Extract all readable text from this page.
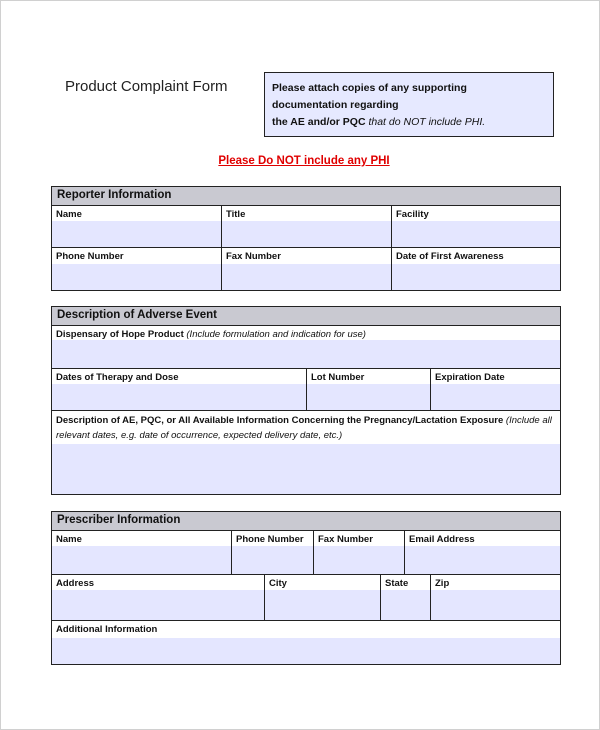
Product Complaint Form	Please attach copies of any supporting documentation regarding
the AE and/or PQC that do NOT include PHI.
Please Do NOT include any PHI
Reporter Information
Name	Title	Facility
Phone Number	Fax Number	Date of First Awareness
Description of Adverse Event
Dispensary of Hope Product (Include formulation and indication for use)
Dates of Therapy and Dose	Lot Number	Expiration Date
Description of AE, PQC, or All Available Information Concerning the Pregnancy/Lactation Exposure (Include all relevant dates, e.g. date of occurrence, expected delivery date, etc.)
Prescriber Information
Name	Phone Number	Fax Number	Email Address
Address	City	State	Zip
Additional Information
